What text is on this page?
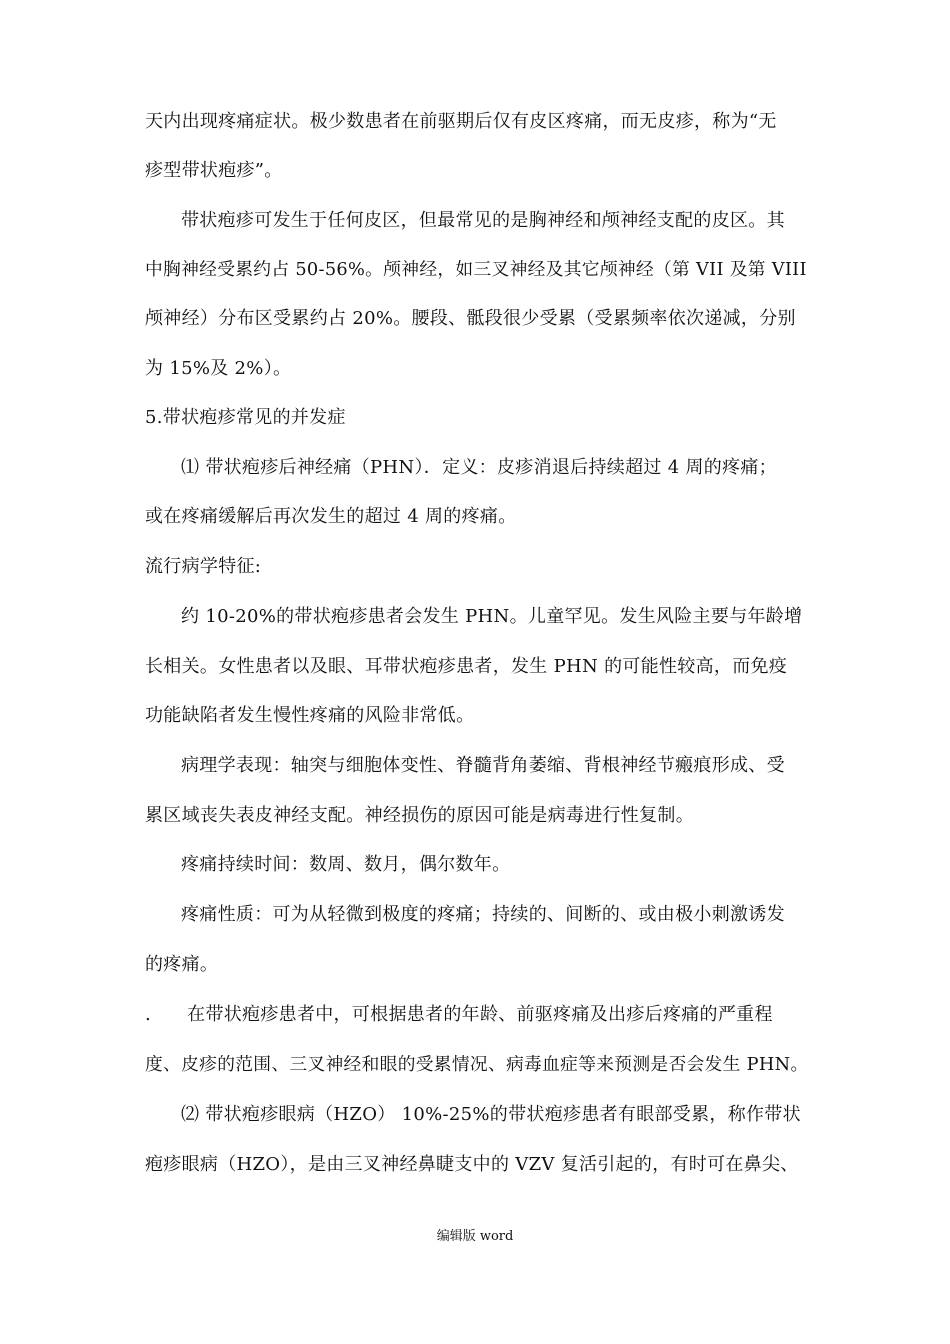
天内出现疼痛症状。极少数患者在前驱期后仅有皮区疼痛，而无皮疹，称为“无
疹型带状疱疹”。
带状疱疹可发生于任何皮区，但最常见的是胸神经和颅神经支配的皮区。其
中胸神经受累约占 50-56%。颅神经，如三叉神经及其它颅神经（第 VII 及第 VIII
颅神经）分布区受累约占 20%。腰段、骶段很少受累（受累频率依次递减，分别
为 15%及 2%）。
5.带状疱疹常见的并发症
⑴ 带状疱疹后神经痛（PHN）．定义：皮疹消退后持续超过 4 周的疼痛；
或在疼痛缓解后再次发生的超过 4 周的疼痛。
流行病学特征:
约 10-20%的带状疱疹患者会发生 PHN。儿童罕见。发生风险主要与年龄增
长相关。女性患者以及眼、耳带状疱疹患者，发生 PHN 的可能性较高，而免疫
功能缺陷者发生慢性疼痛的风险非常低。
病理学表现：轴突与细胞体变性、脊髓背角萎缩、背根神经节瘢痕形成、受
累区域丧失表皮神经支配。神经损伤的原因可能是病毒进行性复制。
疼痛持续时间：数周、数月，偶尔数年。
疼痛性质：可为从轻微到极度的疼痛；持续的、间断的、或由极小刺激诱发
的疼痛。
.      在带状疱疹患者中，可根据患者的年龄、前驱疼痛及出疹后疼痛的严重程
度、皮疹的范围、三叉神经和眼的受累情况、病毒血症等来预测是否会发生 PHN。
⑵ 带状疱疹眼病（HZO） 10%-25%的带状疱疹患者有眼部受累，称作带状
疱疹眼病（HZO），是由三叉神经鼻睫支中的 VZV 复活引起的，有时可在鼻尖、
编辑版 word
